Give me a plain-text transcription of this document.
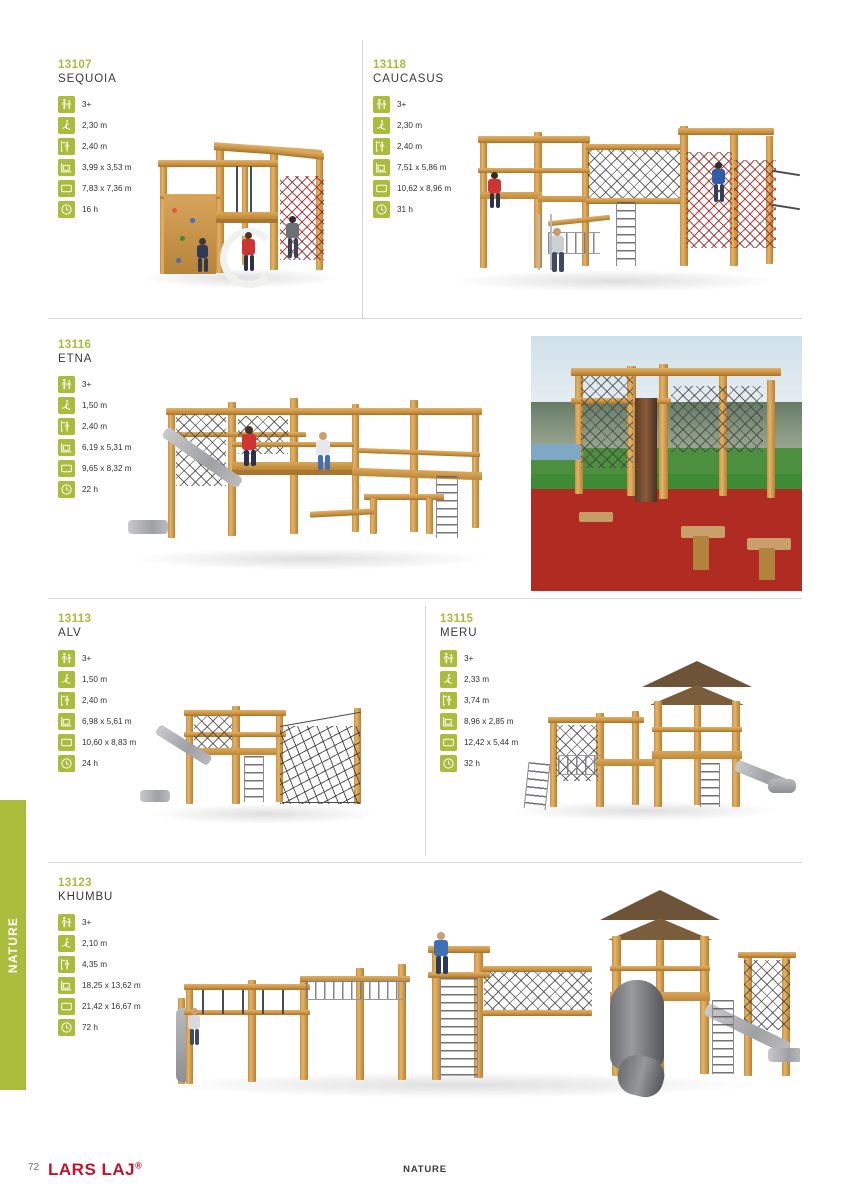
NATURE

13107

SEQUOIA

3+
2,30 m
2,40 m
3,99 x 3,53 m
7,83 x 7,36 m
16 h

13118

CAUCASUS

3+
2,30 m
2,40 m
7,51 x 5,86 m
10,62 x 8,96 m
31 h

13116

ETNA

3+
1,50 m
2,40 m
6,19 x 5,31 m
9,65 x 8,32 m
22 h

13113

ALV

3+
1,50 m
2,40 m
6,98 x 5,61 m
10,60 x 8,83 m
24 h

13115

MERU

3+
2,33 m
3,74 m
8,96 x 2,85 m
12,42 x 5,44 m
32 h

13123

KHUMBU

3+
2,10 m
4,35 m
18,25 x 13,62 m
21,42 x 16,67 m
72 h
72 LARS LAJ®	NATURE
